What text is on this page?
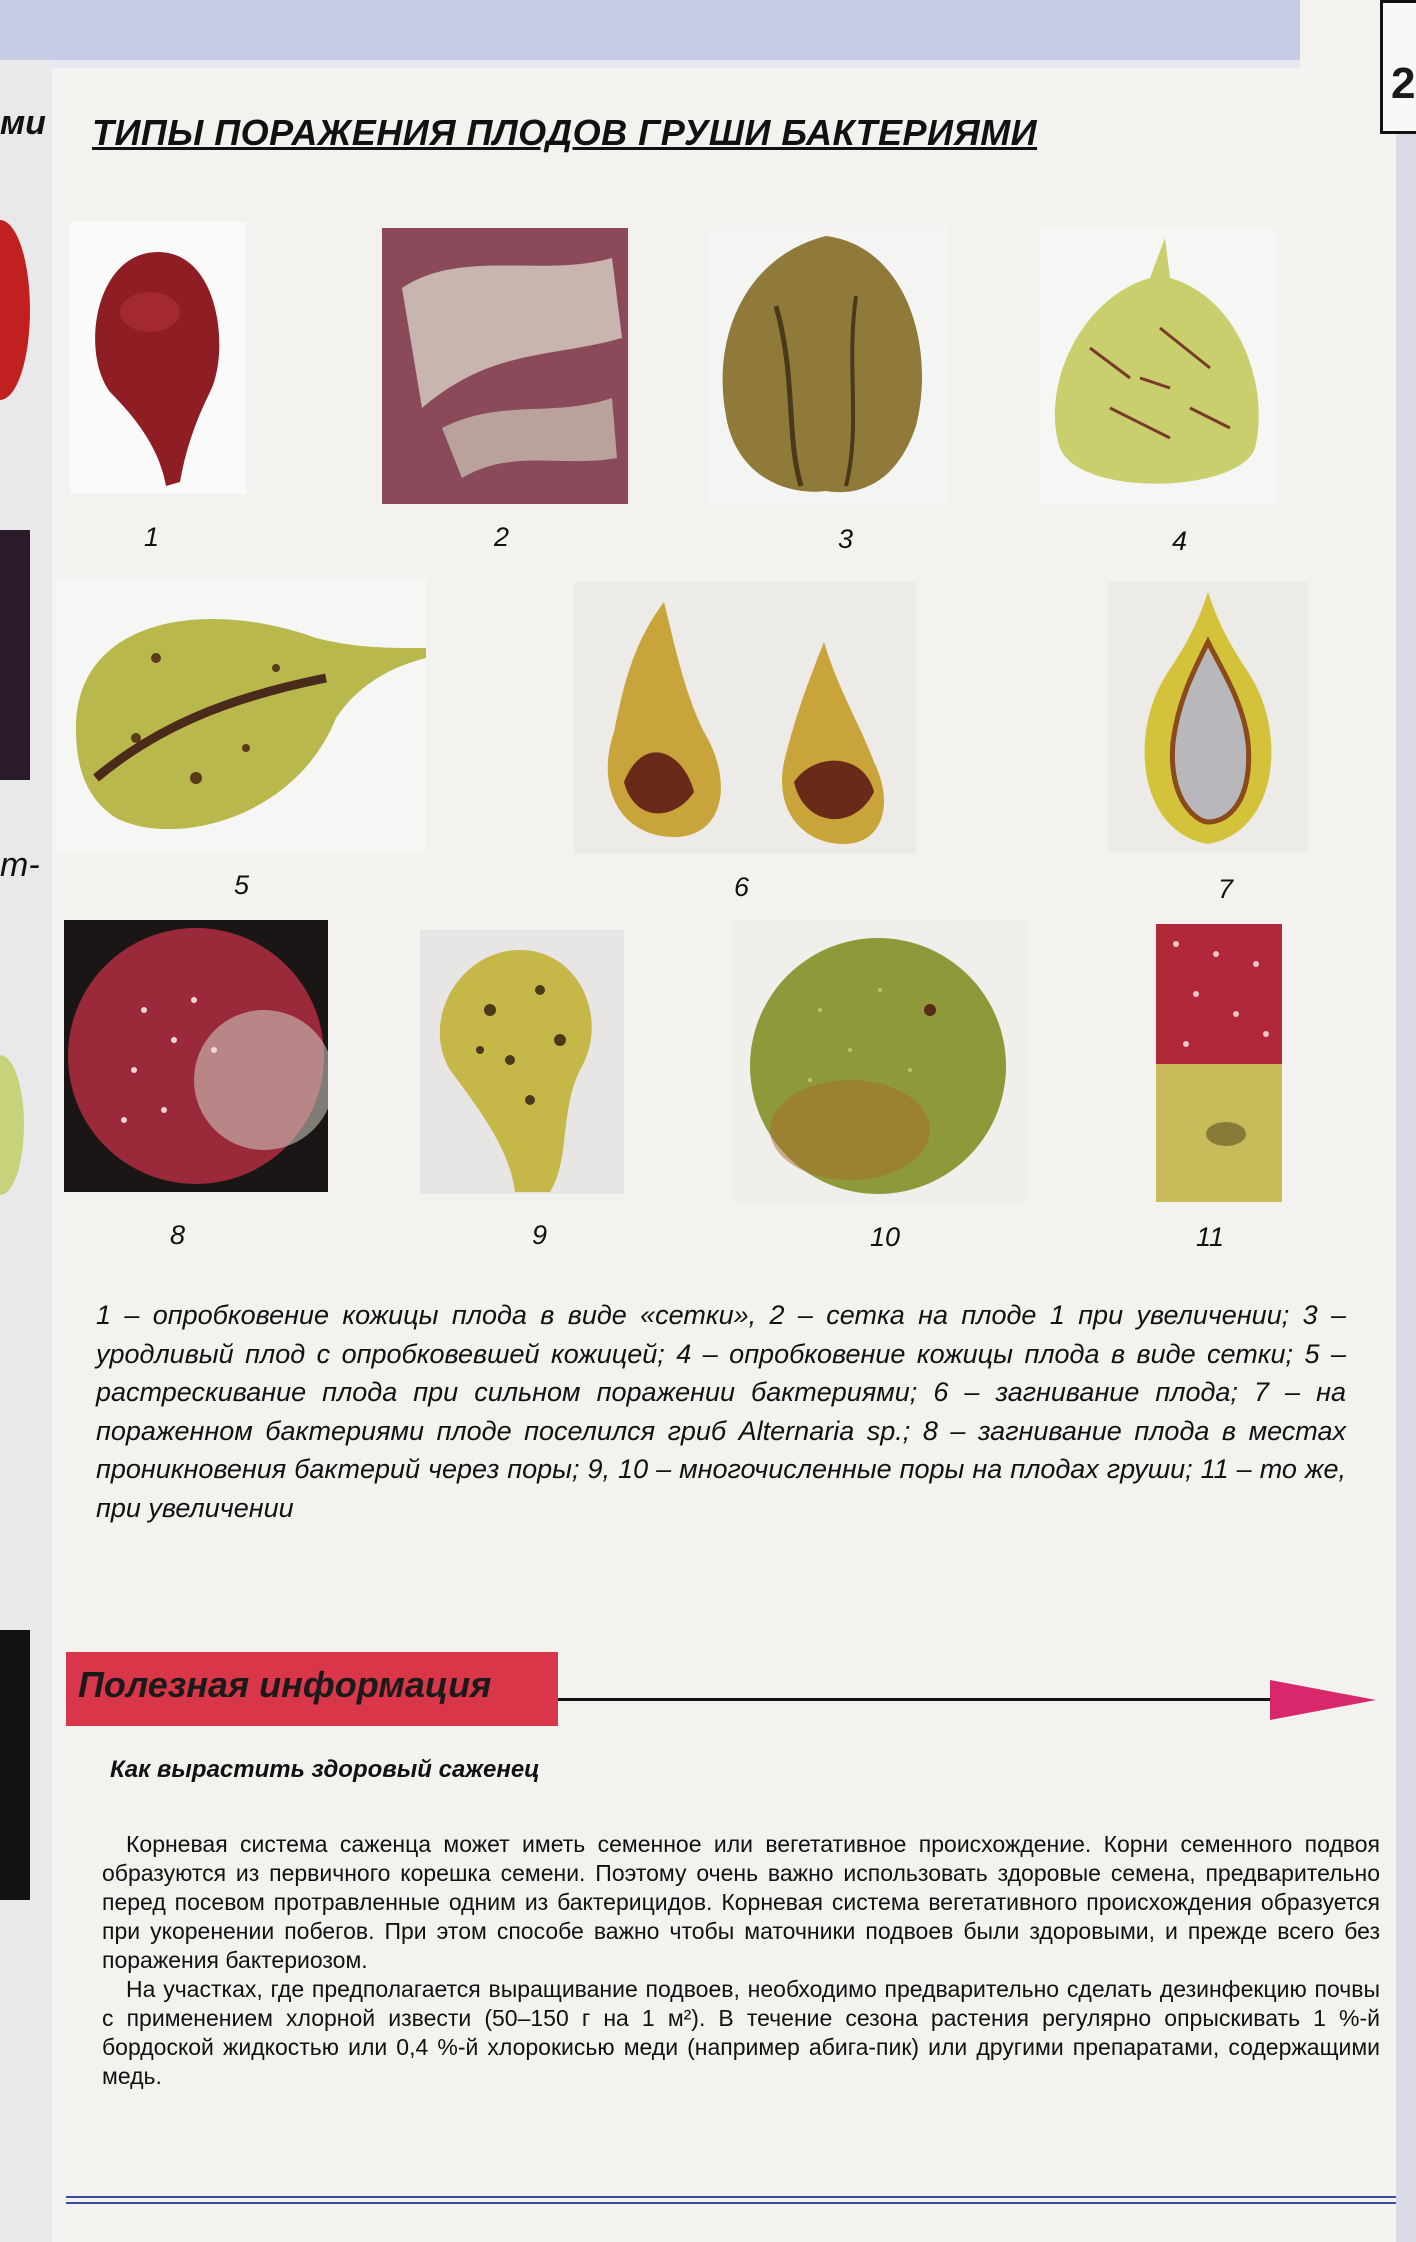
2
ми
т-
ТИПЫ ПОРАЖЕНИЯ ПЛОДОВ ГРУШИ БАКТЕРИЯМИ
1	2	3	4
5	6	7
8	9	10	11
1 – опробковение кожицы плода в виде «сетки», 2 – сетка на плоде 1 при увеличении; 3 – уродливый плод с опробковевшей кожицей; 4 – опробковение кожицы плода в виде сетки; 5 – растрескивание плода при сильном поражении бактериями; 6 – загнивание плода; 7 – на пораженном бактериями плоде поселился гриб Alternaria sp.; 8 – загнивание плода в местах проникновения бактерий через поры; 9, 10 – многочисленные поры на плодах груши; 11 – то же, при увеличении
Полезная информация
Как вырастить здоровый саженец

Корневая система саженца может иметь семенное или вегетативное происхождение. Корни семенного подвоя образуются из первичного корешка семени. Поэтому очень важно использовать здоровые семена, предварительно перед посевом протравленные одним из бактерицидов. Корневая система вегетативного происхождения образуется при укоренении побегов. При этом способе важно чтобы маточники подвоев были здоровыми, и прежде всего без поражения бактериозом.

На участках, где предполагается выращивание подвоев, необходимо предварительно сделать дезинфекцию почвы с применением хлорной извести (50–150 г на 1 м²). В течение сезона растения регулярно опрыскивать 1 %-й бордоской жидкостью или 0,4 %-й хлорокисью меди (например абига-пик) или другими препаратами, содержащими медь.
